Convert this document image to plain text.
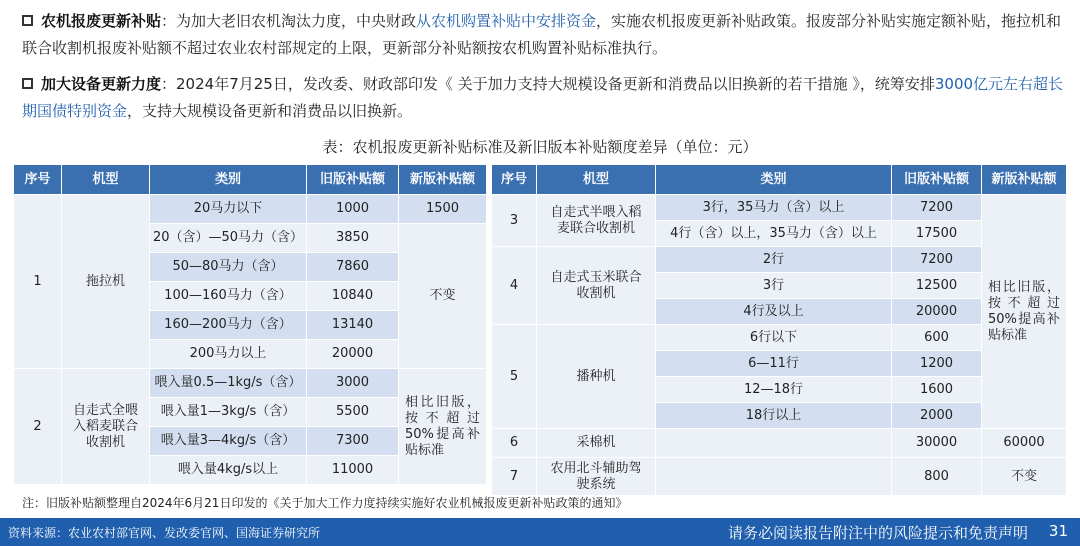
农机报废更新补贴：为加大老旧农机淘汰力度，中央财政从农机购置补贴中安排资金，实施农机报废更新补贴政策。报废部分补贴实施定额补贴，拖拉机和联合收割机报废补贴额不超过农业农村部规定的上限，更新部分补贴额按农机购置补贴标准执行。
加大设备更新力度：2024年7月25日，发改委、财政部印发《 关于加力支持大规模设备更新和消费品以旧换新的若干措施 》，统筹安排3000亿元左右超长期国债特别资金，支持大规模设备更新和消费品以旧换新。
表：农机报废更新补贴标准及新旧版本补贴额度差异（单位：元）
序号	机型	类别	旧版补贴额	新版补贴额
1	拖拉机	20马力以下	1000	1500
		20（含）—50马力（含）	3850	不变
		50—80马力（含）	7860	
		100—160马力（含）	10840	
		160—200马力（含）	13140	
		200马力以上	20000	
2	自走式全喂入稻麦联合收割机	喂入量0.5—1kg/s（含）	3000	相比旧版，按 不 超 过50%提高补贴标准
		喂入量1—3kg/s（含）	5500	
		喂入量3—4kg/s（含）	7300	
		喂入量4kg/s以上	11000	
序号	机型	类别	旧版补贴额	新版补贴额
3	自走式半喂入稻麦联合收割机	3行，35马力（含）以上	7200	相比旧版，按 不 超 过50%提高补贴标准
		4行（含）以上，35马力（含）以上	17500	
4	自走式玉米联合收割机	2行	7200	
		3行	12500	
		4行及以上	20000	
5	播种机	6行以下	600	
		6—11行	1200	
		12—18行	1600	
		18行以上	2000	
6	采棉机		30000	60000
7	农用北斗辅助驾驶系统		800	不变
注：旧版补贴额整理自2024年6月21日印发的《关于加大工作力度持续实施好农业机械报废更新补贴政策的通知》
资料来源：农业农村部官网、发改委官网、国海证券研究所	请务必阅读报告附注中的风险提示和免责声明 31
